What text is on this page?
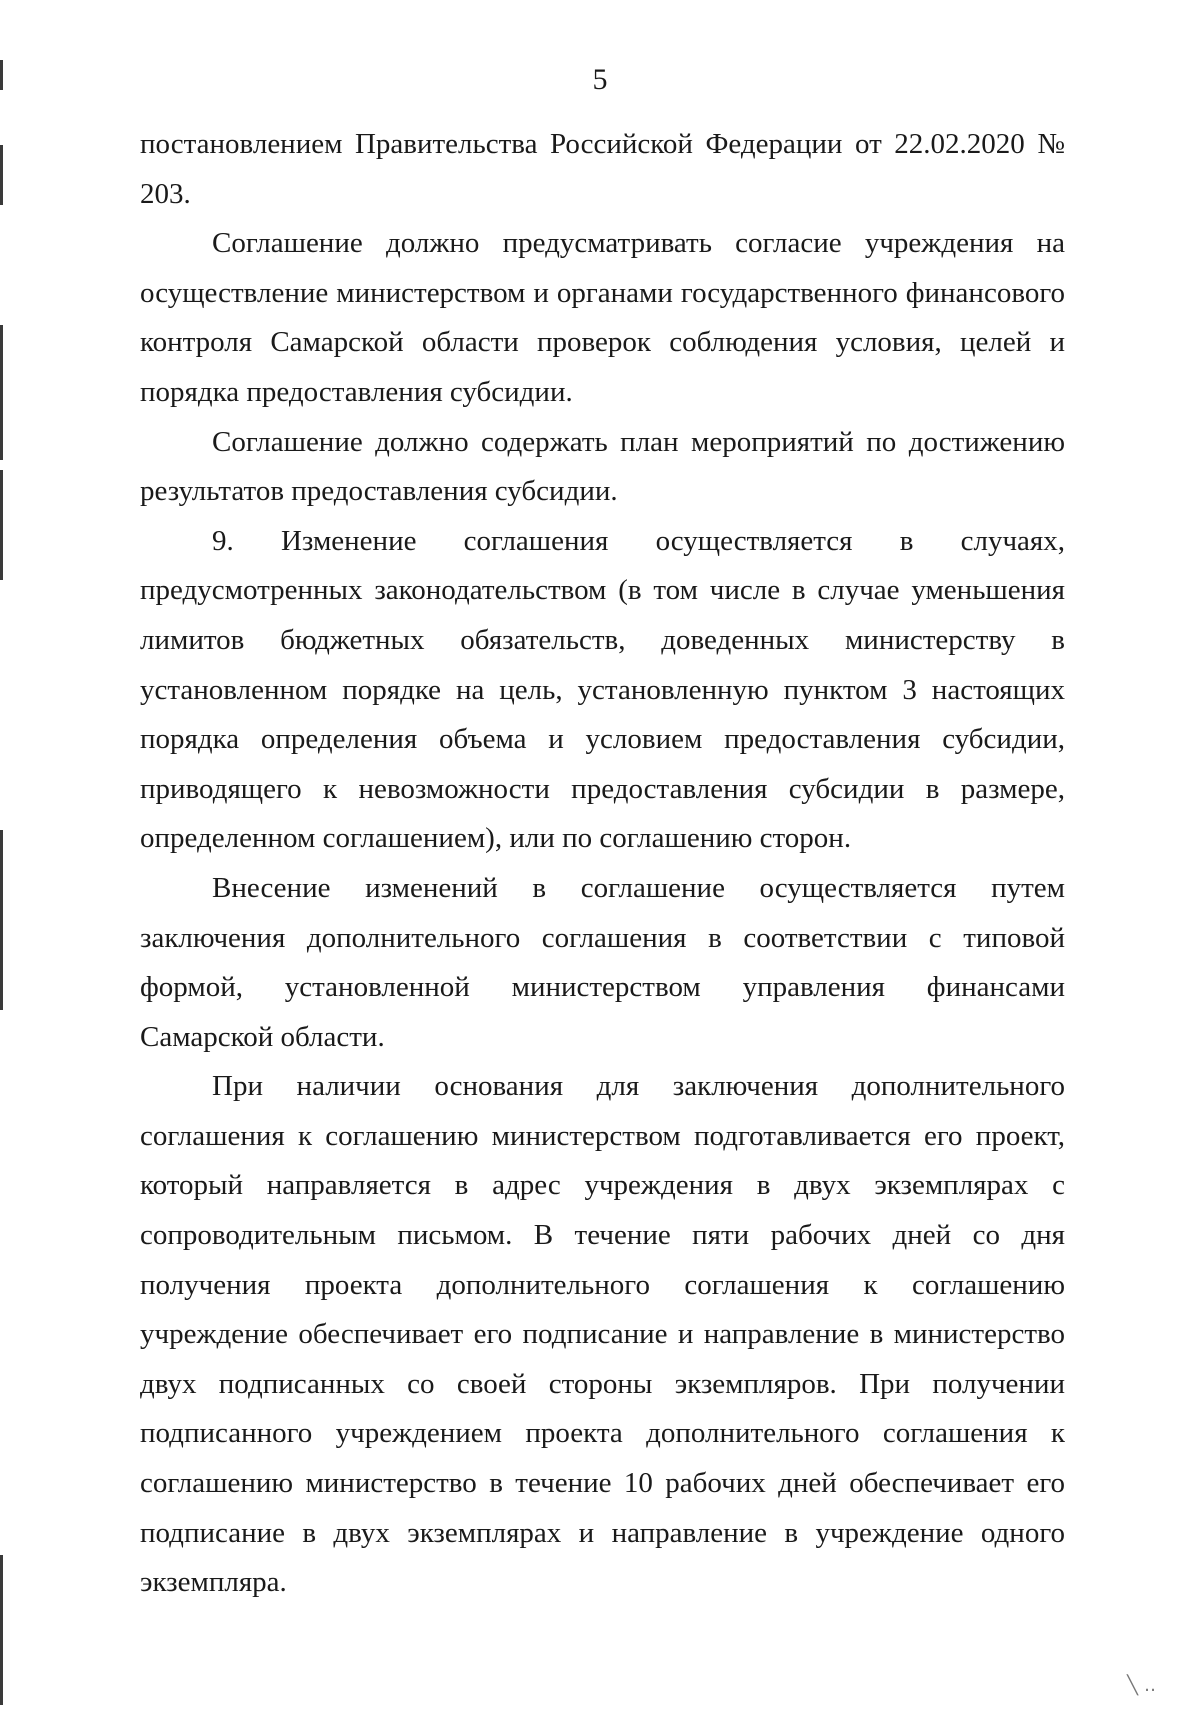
5

постановлением Правительства Российской Федерации от 22.02.2020 № 203.

Соглашение должно предусматривать согласие учреждения на осуществление министерством и органами государственного финансового контроля Самарской области проверок соблюдения условия, целей и порядка предоставления субсидии.

Соглашение должно содержать план мероприятий по достижению результатов предоставления субсидии.

9. Изменение соглашения осуществляется в случаях, предусмотренных законодательством (в том числе в случае уменьшения лимитов бюджетных обязательств, доведенных министерству в установленном порядке на цель, установленную пунктом 3 настоящих порядка определения объема и условием предоставления субсидии, приводящего к невозможности предоставления субсидии в размере, определенном соглашением), или по соглашению сторон.

Внесение изменений в соглашение осуществляется путем заключения дополнительного соглашения в соответствии с типовой формой, установленной министерством управления финансами Самарской области.

При наличии основания для заключения дополнительного соглашения к соглашению министерством подготавливается его проект, который направляется в адрес учреждения в двух экземплярах с сопроводительным письмом. В течение пяти рабочих дней со дня получения проекта дополнительного соглашения к соглашению учреждение обеспечивает его подписание и направление в министерство двух подписанных со своей стороны экземпляров. При получении подписанного учреждением проекта дополнительного соглашения к соглашению министерство в течение 10 рабочих дней обеспечивает его подписание в двух экземплярах и направление в учреждение одного экземпляра.

╲‥
